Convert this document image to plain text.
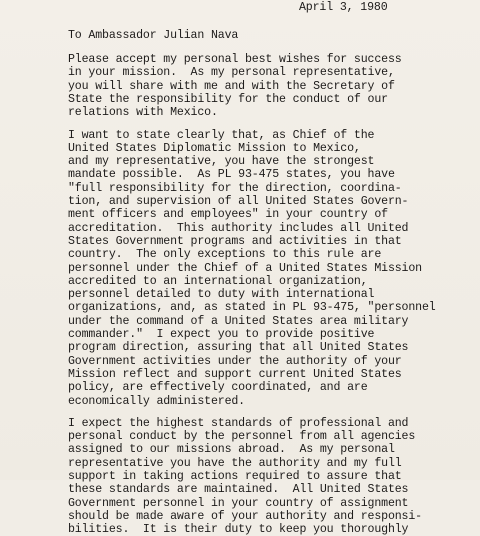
April 3, 1980
To Ambassador Julian Nava
Please accept my personal best wishes for success
in your mission.  As my personal representative,
you will share with me and with the Secretary of
State the responsibility for the conduct of our
relations with Mexico.
I want to state clearly that, as Chief of the
United States Diplomatic Mission to Mexico,
and my representative, you have the strongest
mandate possible.  As PL 93-475 states, you have
"full responsibility for the direction, coordina-
tion, and supervision of all United States Govern-
ment officers and employees" in your country of
accreditation.  This authority includes all United
States Government programs and activities in that
country.  The only exceptions to this rule are
personnel under the Chief of a United States Mission
accredited to an international organization,
personnel detailed to duty with international
organizations, and, as stated in PL 93-475, "personnel
under the command of a United States area military
commander."  I expect you to provide positive
program direction, assuring that all United States
Government activities under the authority of your
Mission reflect and support current United States
policy, are effectively coordinated, and are
economically administered.
I expect the highest standards of professional and
personal conduct by the personnel from all agencies
assigned to our missions abroad.  As my personal
representative you have the authority and my full
support in taking actions required to assure that
these standards are maintained.  All United States
Government personnel in your country of assignment
should be made aware of your authority and responsi-
bilities.  It is their duty to keep you thoroughly
